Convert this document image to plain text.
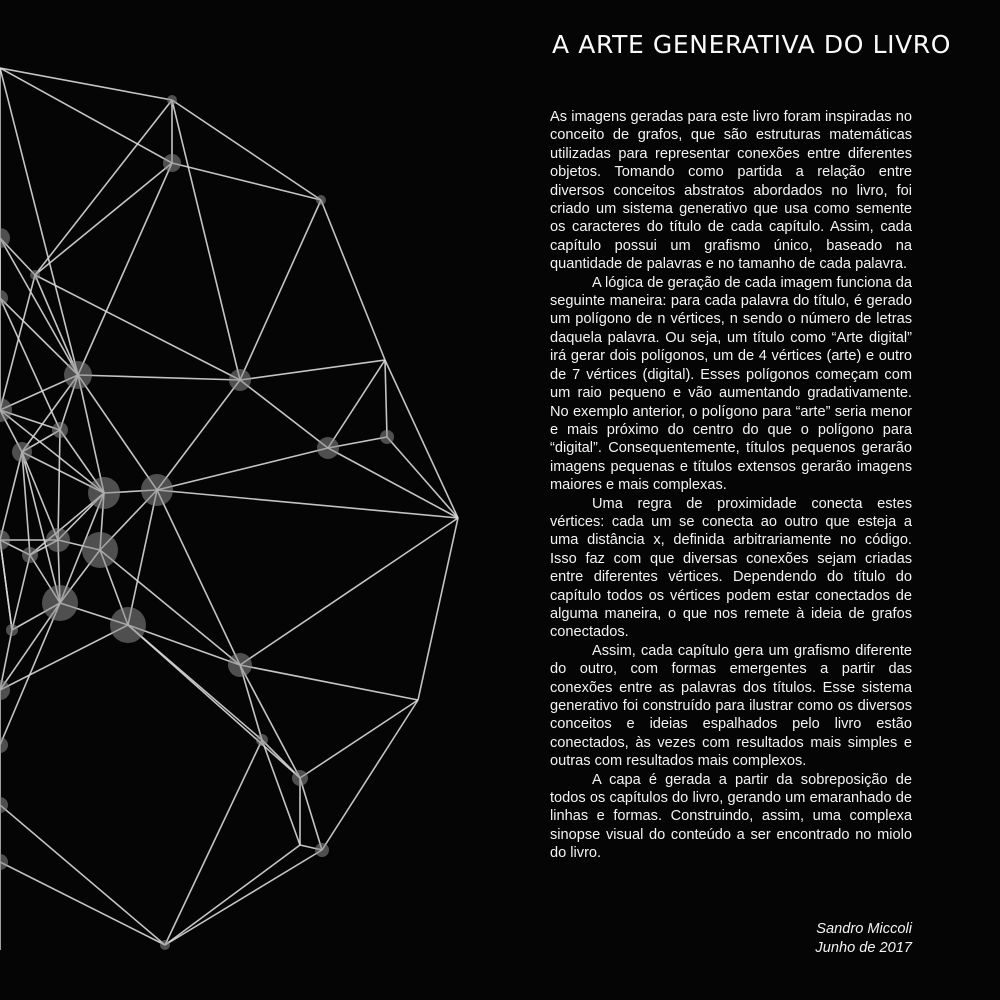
A ARTE GENERATIVA DO LIVRO

As imagens geradas para este livro foram inspiradas no conceito de grafos, que são estruturas matemáticas utilizadas para representar conexões entre diferentes objetos. Tomando como partida a relação entre diversos conceitos abstratos abordados no livro, foi criado um sistema generativo que usa como semente os caracteres do título de cada capítulo. Assim, cada capítulo possui um grafismo único, baseado na quantidade de palavras e no tamanho de cada palavra.

A lógica de geração de cada imagem funciona da seguinte maneira: para cada palavra do título, é gerado um polígono de n vértices, n sendo o número de letras daquela palavra. Ou seja, um título como “Arte digital” irá gerar dois polígonos, um de 4 vértices (arte) e outro de 7 vértices (digital). Esses polígonos começam com um raio pequeno e vão aumentando gradativamente. No exemplo anterior, o polígono para “arte” seria menor e mais próximo do centro do que o polígono para “digital”. Consequentemente, títulos pequenos gerarão imagens pequenas e títulos extensos gerarão imagens maiores e mais complexas.

Uma regra de proximidade conecta estes vértices: cada um se conecta ao outro que esteja a uma distância x, definida arbitrariamente no código. Isso faz com que diversas conexões sejam criadas entre diferentes vértices. Dependendo do título do capítulo todos os vértices podem estar conectados de alguma maneira, o que nos remete à ideia de grafos conectados.

Assim, cada capítulo gera um grafismo diferente do outro, com formas emergentes a partir das conexões entre as palavras dos títulos. Esse sistema generativo foi construído para ilustrar como os diversos conceitos e ideias espalhados pelo livro estão conectados, às vezes com resultados mais simples e outras com resultados mais complexos.

A capa é gerada a partir da sobreposição de todos os capítulos do livro, gerando um emaranhado de linhas e formas. Construindo, assim, uma complexa sinopse visual do conteúdo a ser encontrado no miolo do livro.

Sandro Miccoli
Junho de 2017
